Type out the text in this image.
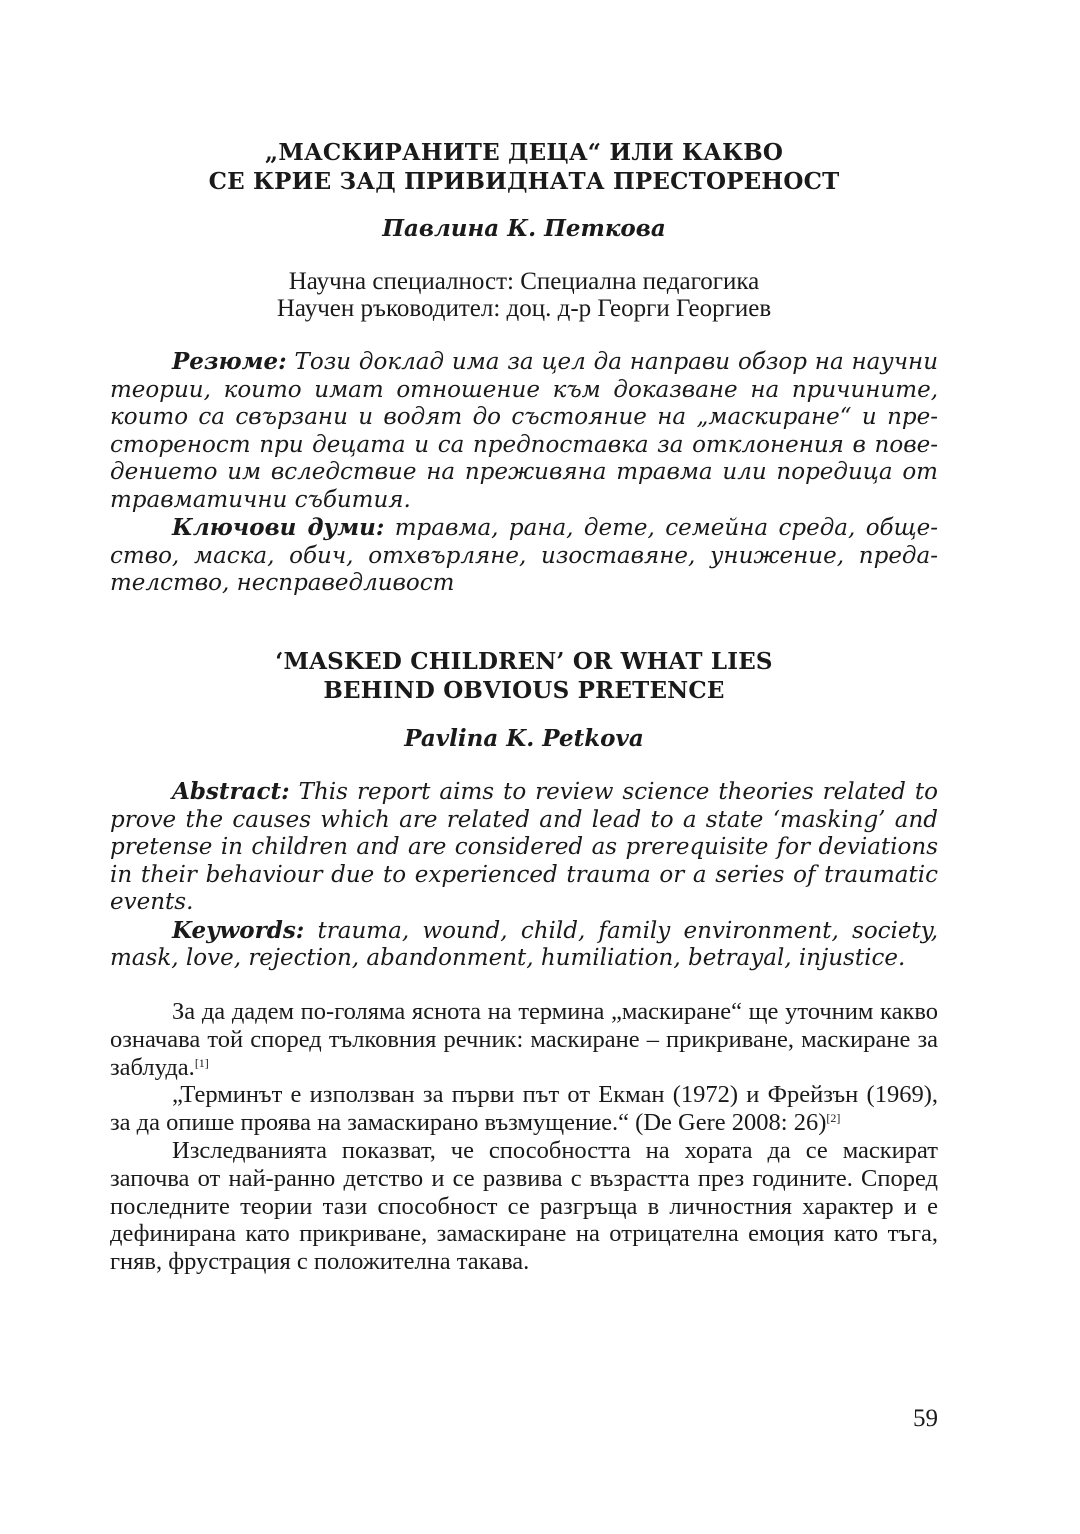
„МАСКИРАНИТЕ ДЕЦА“ ИЛИ КАКВО
СЕ КРИЕ ЗАД ПРИВИДНАТА ПРЕСТОРЕНОСТ
Павлина К. Петкова
Научна специалност: Специална педагогика
Научен ръководител: доц. д-р Георги Георгиев

Резюме: Този доклад има за цел да направи обзор на научни теории, които имат отношение към доказване на причините, които са свързани и водят до състояние на „маскиране“ и престореност при децата и са предпоставка за отклонения в поведението им вследствие на преживяна травма или поредица от травматични събития.

Ключови думи: травма, рана, дете, семейна среда, общество, маска, обич, отхвърляне, изоставяне, унижение, предателство, несправедливост

‘MASKED CHILDREN’ OR WHAT LIES
BEHIND OBVIOUS PRETENCE
Pavlina K. Petkova

Abstract: This report aims to review science theories related to prove the causes which are related and lead to a state ‘masking’ and pretense in children and are considered as prerequisite for deviations in their behaviour due to experienced trauma or a series of traumatic events.

Keywords: trauma, wound, child, family environment, society, mask, love, rejection, abandonment, humiliation, betrayal, injustice.

За да дадем по-голяма яснота на термина „маскиране“ ще уточним какво означава той според тълковния речник: маскиране – прикриване, маскиране за заблуда.[1]

„Терминът е използван за първи път от Екман (1972) и Фрейзън (1969), за да опише проява на замаскирано възмущение.“ (De Gere 2008: 26)[2]

Изследванията показват, че способността на хората да се маскират започва от най-ранно детство и се развива с възрастта през годините. Според последните теории тази способност се разгръща в личностния характер и е дефинирана като прикриване, замаскиране на отрицателна емоция като тъга, гняв, фрустрация с положителна такава.

59
